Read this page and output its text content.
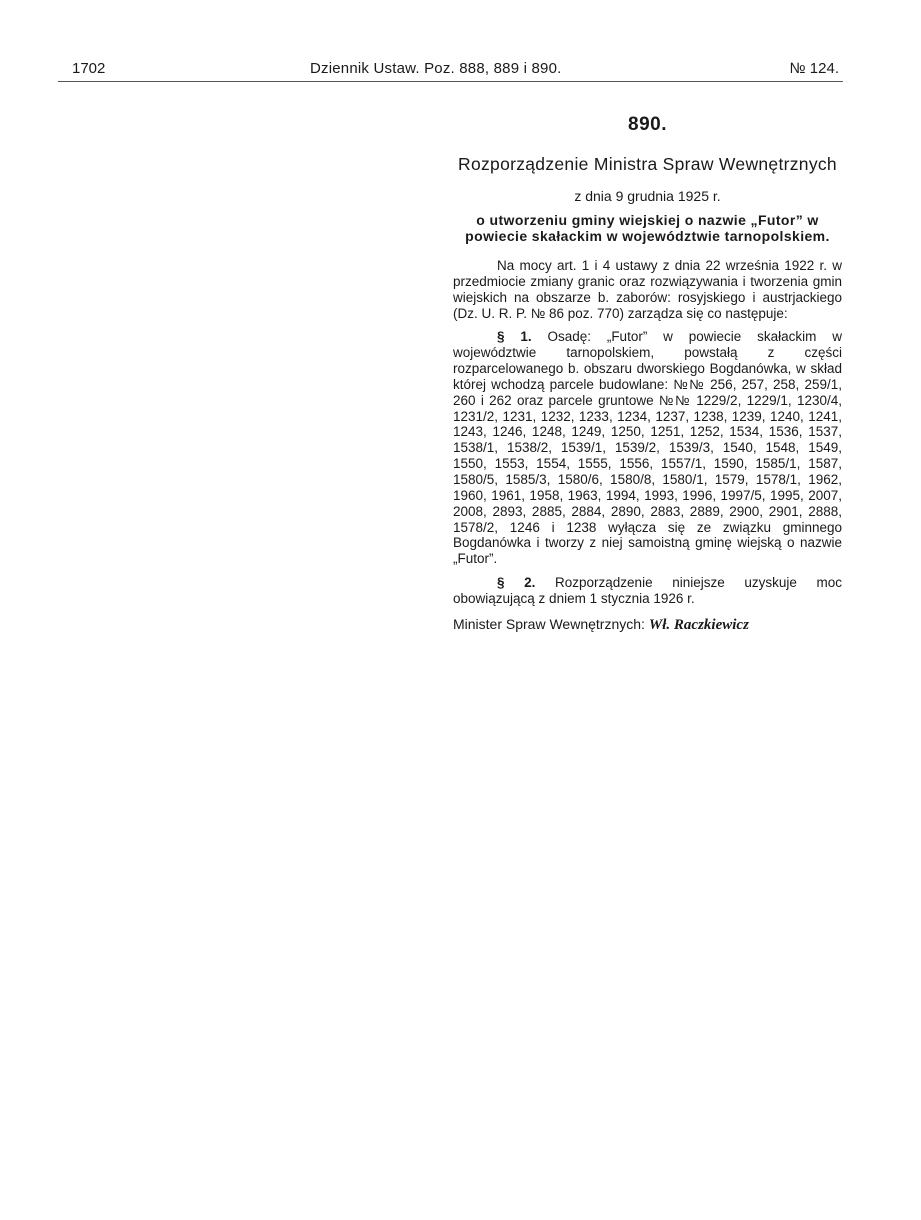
1702	Dziennik Ustaw. Poz. 888, 889 i 890.	№ 124.
890.
Rozporządzenie Ministra Spraw Wewnętrznych
z dnia 9 grudnia 1925 r.
o utworzeniu gminy wiejskiej o nazwie „Futor” w powiecie skałackim w województwie tarnopolskiem.

Na mocy art. 1 i 4 ustawy z dnia 22 września 1922 r. w przedmiocie zmiany granic oraz rozwiązywania i tworzenia gmin wiejskich na obszarze b. zaborów: rosyjskiego i austrjackiego (Dz. U. R. P. № 86 poz. 770) zarządza się co następuje:

§ 1. Osadę: „Futor” w powiecie skałackim w województwie tarnopolskiem, powstałą z części rozparcelowanego b. obszaru dworskiego Bogdanówka, w skład której wchodzą parcele budowlane: №№ 256, 257, 258, 259/1, 260 i 262 oraz parcele gruntowe №№ 1229/2, 1229/1, 1230/4, 1231/2, 1231, 1232, 1233, 1234, 1237, 1238, 1239, 1240, 1241, 1243, 1246, 1248, 1249, 1250, 1251, 1252, 1534, 1536, 1537, 1538/1, 1538/2, 1539/1, 1539/2, 1539/3, 1540, 1548, 1549, 1550, 1553, 1554, 1555, 1556, 1557/1, 1590, 1585/1, 1587, 1580/5, 1585/3, 1580/6, 1580/8, 1580/1, 1579, 1578/1, 1962, 1960, 1961, 1958, 1963, 1994, 1993, 1996, 1997/5, 1995, 2007, 2008, 2893, 2885, 2884, 2890, 2883, 2889, 2900, 2901, 2888, 1578/2, 1246 i 1238 wyłącza się ze związku gminnego Bogdanówka i tworzy z niej samoistną gminę wiejską o nazwie „Futor”.

§ 2. Rozporządzenie niniejsze uzyskuje moc obowiązującą z dniem 1 stycznia 1926 r.

Minister Spraw Wewnętrznych: Wł. Raczkiewicz
